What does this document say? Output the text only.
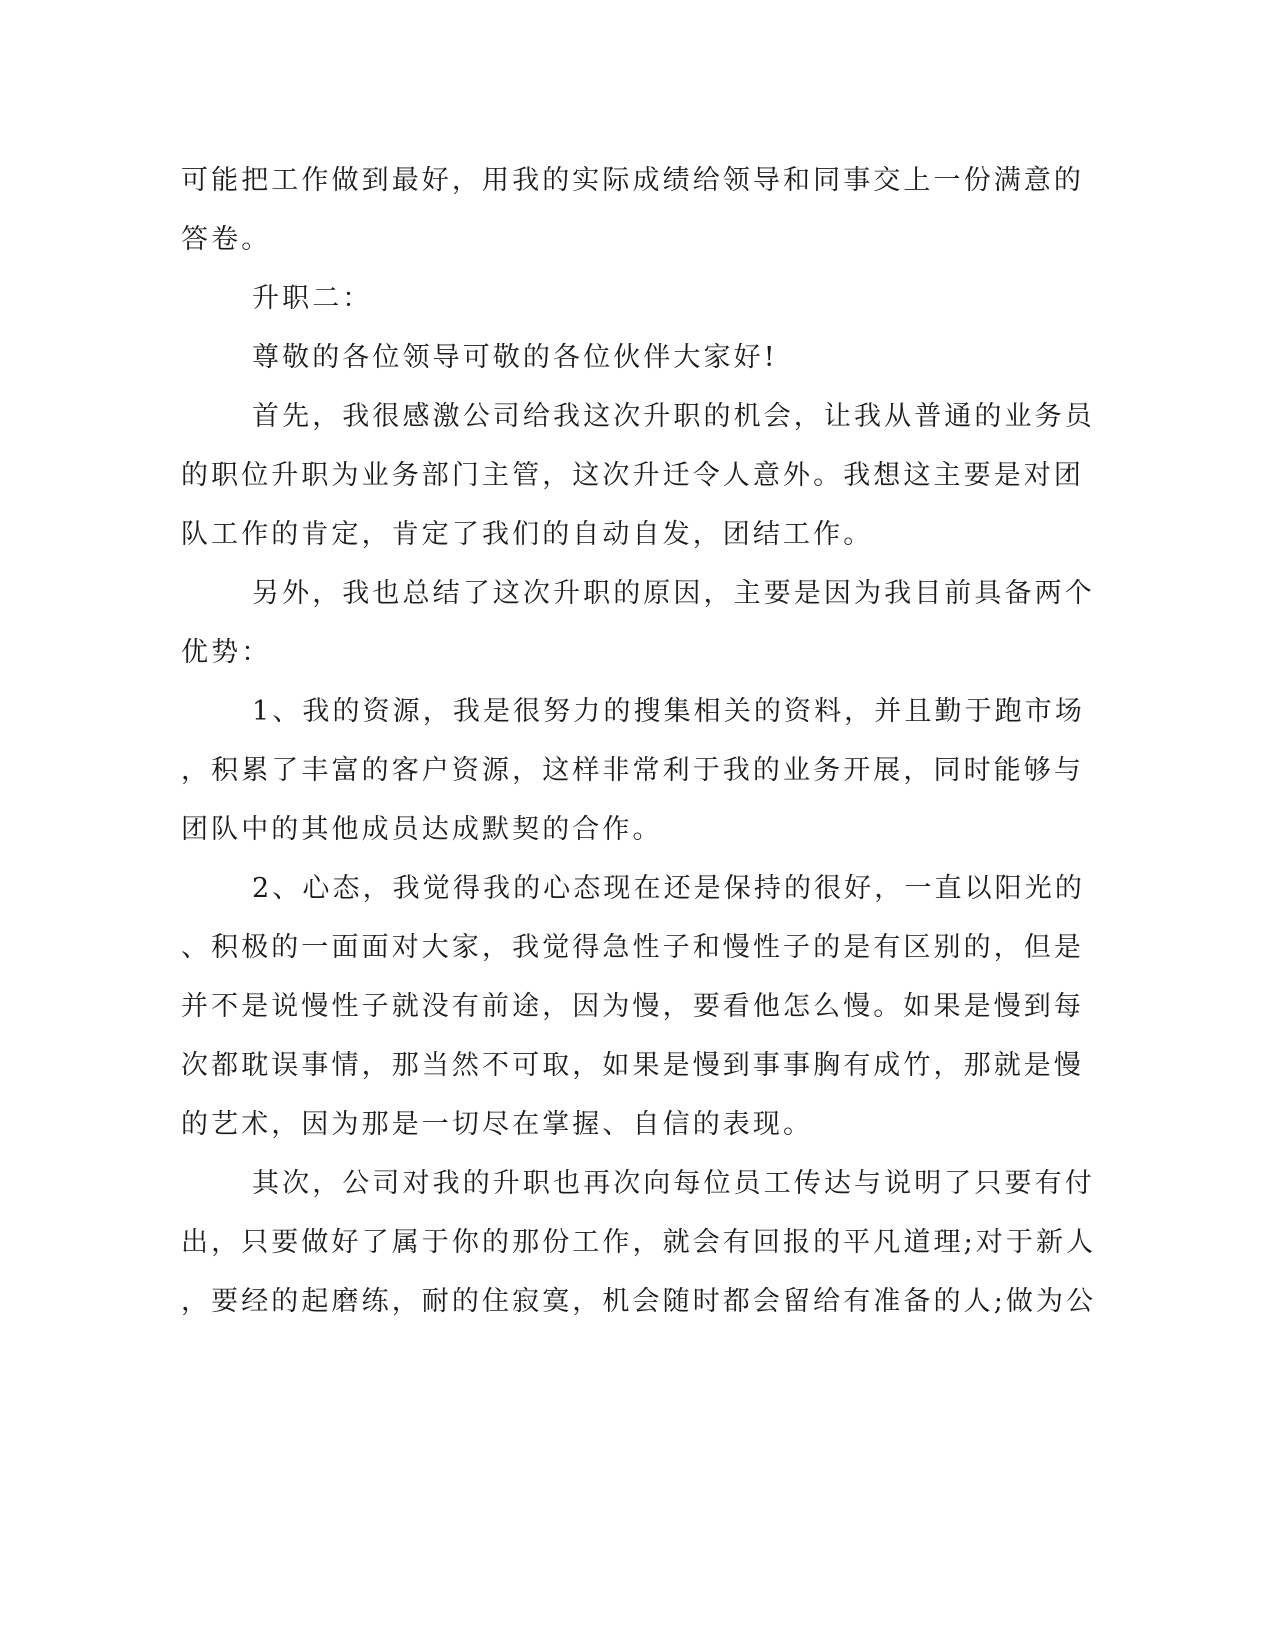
可能把工作做到最好，用我的实际成绩给领导和同事交上一份满意的
答卷。
升职二：
尊敬的各位领导可敬的各位伙伴大家好!
首先，我很感激公司给我这次升职的机会，让我从普通的业务员
的职位升职为业务部门主管，这次升迁令人意外。我想这主要是对团
队工作的肯定，肯定了我们的自动自发，团结工作。
另外，我也总结了这次升职的原因，主要是因为我目前具备两个
优势：
1、我的资源，我是很努力的搜集相关的资料，并且勤于跑市场
，积累了丰富的客户资源，这样非常利于我的业务开展，同时能够与
团队中的其他成员达成默契的合作。
2、心态，我觉得我的心态现在还是保持的很好，一直以阳光的
、积极的一面面对大家，我觉得急性子和慢性子的是有区别的，但是
并不是说慢性子就没有前途，因为慢，要看他怎么慢。如果是慢到每
次都耽误事情，那当然不可取，如果是慢到事事胸有成竹，那就是慢
的艺术，因为那是一切尽在掌握、自信的表现。
其次，公司对我的升职也再次向每位员工传达与说明了只要有付
出，只要做好了属于你的那份工作，就会有回报的平凡道理;对于新人
，要经的起磨练，耐的住寂寞，机会随时都会留给有准备的人;做为公
